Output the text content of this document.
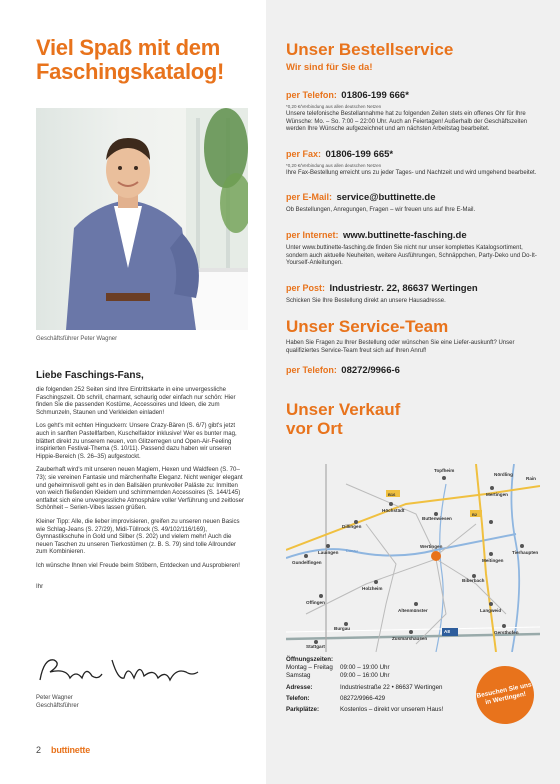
Viel Spaß mit dem
Faschingskatalog!
Geschäftsführer Peter Wagner
Liebe Faschings-Fans,

die folgenden 252 Seiten sind Ihre Eintrittskarte in eine unvergessliche Faschingszeit. Ob schrill, charmant, schaurig oder einfach nur schön: Hier finden Sie die passenden Kostüme, Accessoires und Ideen, die zum Schmunzeln, Staunen und Verkleiden einladen!

Los geht's mit echten Hinguckern: Unsere Crazy-Bären (S. 6/7) gibt's jetzt auch in sanften Pastellfarben, Kuschelfaktor inklusive! Wer es bunter mag, blättert direkt zu unserem neuen, von Glitzerregen und Open-Air-Feeling inspirierten Festival-Thema (S. 10/11). Passend dazu haben wir unseren Hippie-Bereich (S. 26–35) aufgestockt.

Zauberhaft wird's mit unseren neuen Magiern, Hexen und Waldfeen (S. 70–73); sie vereinen Fantasie und märchenhafte Eleganz. Nicht weniger elegant und geheimnisvoll geht es in den Ballsälen prunkvoller Paläste zu: Inmitten von weich fließenden Kleidern und schimmernden Accessoires (S. 144/145) entfaltet sich eine unvergessliche Atmosphäre voller Verführung und zeitloser Schönheit – Serien-Vibes lassen grüßen.

Kleiner Tipp: Alle, die lieber improvisieren, greifen zu unseren neuen Basics wie Schlag-Jeans (S. 27/29), Midi-Tüllrock (S. 49/102/116/169), Gymnastikschuhe in Gold und Silber (S. 202) und vielem mehr! Auch die neuen Taschen zu unseren Tierkostümen (z. B. S. 79) sind tolle Allrounder zum Kombinieren.

Ich wünsche Ihnen viel Freude beim Stöbern, Entdecken und Ausprobieren!

Ihr

Peter Wagner
Geschäftsführer
2 buttinette
Unser Bestellservice
Wir sind für Sie da!
per Telefon: 01806-199 666*
*0,20 €/Verbindung aus allen deutschen Netzen
Unsere telefonische Bestellannahme hat zu folgenden Zeiten stets ein offenes Ohr für Ihre Wünsche: Mo. – So. 7:00 – 22:00 Uhr. Auch an Feiertagen! Außerhalb der Geschäftszeiten werden Ihre Wünsche aufgezeichnet und am nächsten Arbeitstag bearbeitet.
per Fax: 01806-199 665*
*0,20 €/Verbindung aus allen deutschen Netzen
Ihre Fax-Bestellung erreicht uns zu jeder Tages- und Nachtzeit und wird umgehend bearbeitet.
per E-Mail: service@buttinette.de
Ob Bestellungen, Anregungen, Fragen – wir freuen uns auf Ihre E-Mail.
per Internet: www.buttinette-fasching.de
Unter www.buttinette-fasching.de finden Sie nicht nur unser komplettes Katalogsortiment, sondern auch aktuelle Neuheiten, weitere Ausführungen, Schnäppchen, Party-Deko und Do-It-Yourself-Anleitungen.
per Post: Industriestr. 22, 86637 Wertingen
Schicken Sie Ihre Bestellung direkt an unsere Hausadresse.
Unser Service-Team
Haben Sie Fragen zu Ihrer Bestellung oder wünschen Sie eine Liefer-auskunft? Unser qualifiziertes Service-Team freut sich auf Ihren Anruf!
per Telefon: 08272/9966-6
Unser Verkauf
vor Ort
Topfheim
Nördling
Rain
Mertingen
B16
Höchstädt
Buttenwiesen
B2
Dillingen
Lauingen
Gundelfingen
Donau
Wertingen
Meitingen
Tierhaupten
Biberbach
Holzheim
Altenmünster	Langweid
Offingen
Burgau
Zusmarshausen
Gersthofen
Stattgart
A8
Öffnungszeiten:
Montag – Freitag	09:00 – 19:00 Uhr
Samstag	09:00 – 16:00 Uhr
Adresse:	Industriestraße 22 • 86637 Wertingen
Telefon:	08272/9966-429
Parkplätze:	Kostenlos – direkt vor unserem Haus!
Besuchen Sie uns in Wertingen!
